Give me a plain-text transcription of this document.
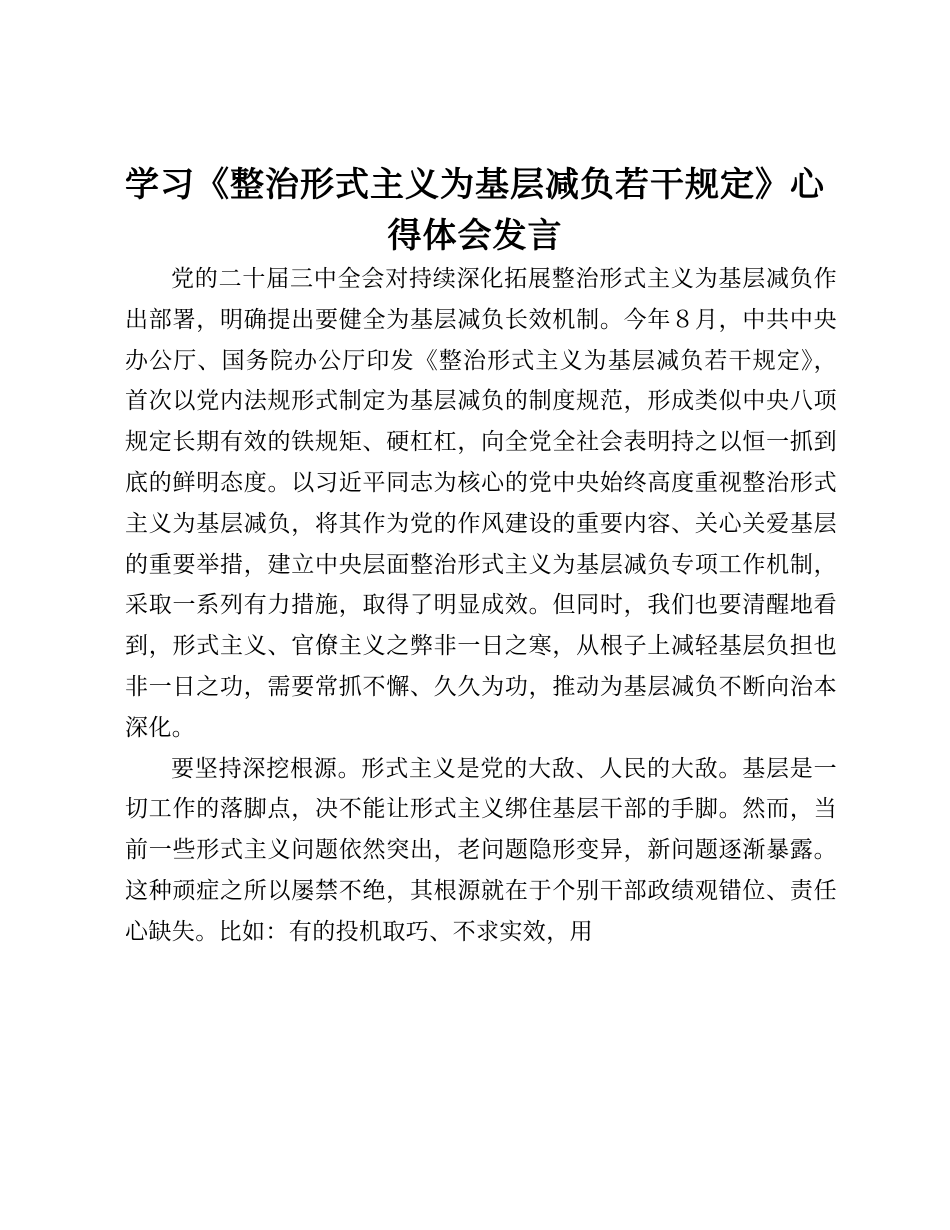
学习《整治形式主义为基层减负若干规定》心得体会发言

党的二十届三中全会对持续深化拓展整治形式主义为基层减负作出部署，明确提出要健全为基层减负长效机制。今年８月，中共中央办公厅、国务院办公厅印发《整治形式主义为基层减负若干规定》，首次以党内法规形式制定为基层减负的制度规范，形成类似中央八项规定长期有效的铁规矩、硬杠杠，向全党全社会表明持之以恒一抓到底的鲜明态度。以习近平同志为核心的党中央始终高度重视整治形式主义为基层减负，将其作为党的作风建设的重要内容、关心关爱基层的重要举措，建立中央层面整治形式主义为基层减负专项工作机制，采取一系列有力措施，取得了明显成效。但同时，我们也要清醒地看到，形式主义、官僚主义之弊非一日之寒，从根子上减轻基层负担也非一日之功，需要常抓不懈、久久为功，推动为基层减负不断向治本深化。

要坚持深挖根源。形式主义是党的大敌、人民的大敌。基层是一切工作的落脚点，决不能让形式主义绑住基层干部的手脚。然而，当前一些形式主义问题依然突出，老问题隐形变异，新问题逐渐暴露。这种顽症之所以屡禁不绝，其根源就在于个别干部政绩观错位、责任心缺失。比如：有的投机取巧、不求实效，用
